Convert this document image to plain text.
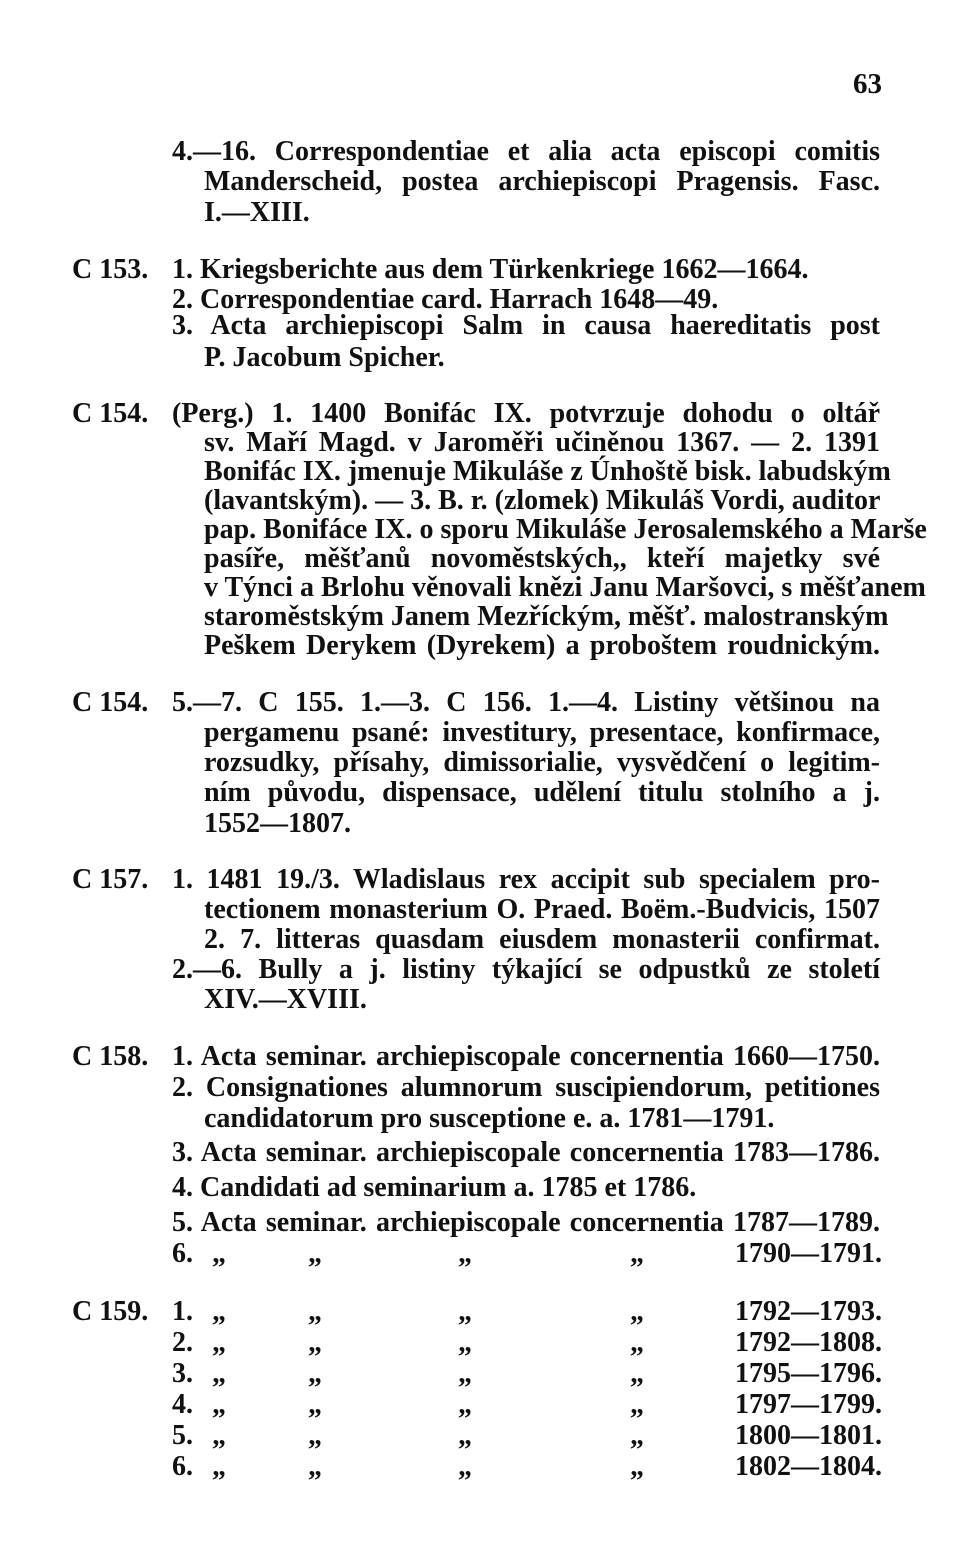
63
4.—16. Correspondentiae et alia acta episcopi comitis
Manderscheid, postea archiepiscopi Pragensis. Fasc.
I.—XIII.
C 153. 1. Kriegsberichte aus dem Türkenkriege 1662—1664.
2. Correspondentiae card. Harrach 1648—49.
3. Acta archiepiscopi Salm in causa haereditatis post
P. Jacobum Spicher.
C 154. (Perg.) 1. 1400 Bonifác IX. potvrzuje dohodu o oltář
sv. Maří Magd. v Jaroměři učiněnou 1367. — 2. 1391
Bonifác IX. jmenuje Mikuláše z Únhoště bisk. labudským
(lavantským). — 3. B. r. (zlomek) Mikuláš Vordi, auditor
pap. Bonifáce IX. o sporu Mikuláše Jerosalemského a Marše
pasíře, měšťanů novoměstských,, kteří majetky své
v Týnci a Brlohu věnovali knězi Janu Maršovci, s měšťanem
staroměstským Janem Mezříckým, měšť. malostranským
Peškem Derykem (Dyrekem) a proboštem roudnickým.
C 154. 5.—7. C 155. 1.—3. C 156. 1.—4. Listiny většinou na
pergamenu psané: investitury, presentace, konfirmace,
rozsudky, přísahy, dimissorialie, vysvědčení o legitim-
ním původu, dispensace, udělení titulu stolního a j.
1552—1807.
C 157. 1. 1481 19./3. Wladislaus rex accipit sub specialem pro-
tectionem monasterium O. Praed. Boëm.-Budvicis, 1507
2. 7. litteras quasdam eiusdem monasterii confirmat.
2.—6. Bully a j. listiny týkající se odpustků ze století
XIV.—XVIII.
C 158. 1. Acta seminar. archiepiscopale concernentia 1660—1750.
2. Consignationes alumnorum suscipiendorum, petitiones
candidatorum pro susceptione e. a. 1781—1791.
3. Acta seminar. archiepiscopale concernentia 1783—1786.
4. Candidati ad seminarium a. 1785 et 1786.
5. Acta seminar. archiepiscopale concernentia 1787—1789.
6. „	„	„	„	1790—1791.
C 159. 1. „	„	„	„	1792—1793.
2. „	„	„	„	1792—1808.
3. „	„	„	„	1795—1796.
4. „	„	„	„	1797—1799.
5. „	„	„	„	1800—1801.
6. „	„	„	„	1802—1804.
